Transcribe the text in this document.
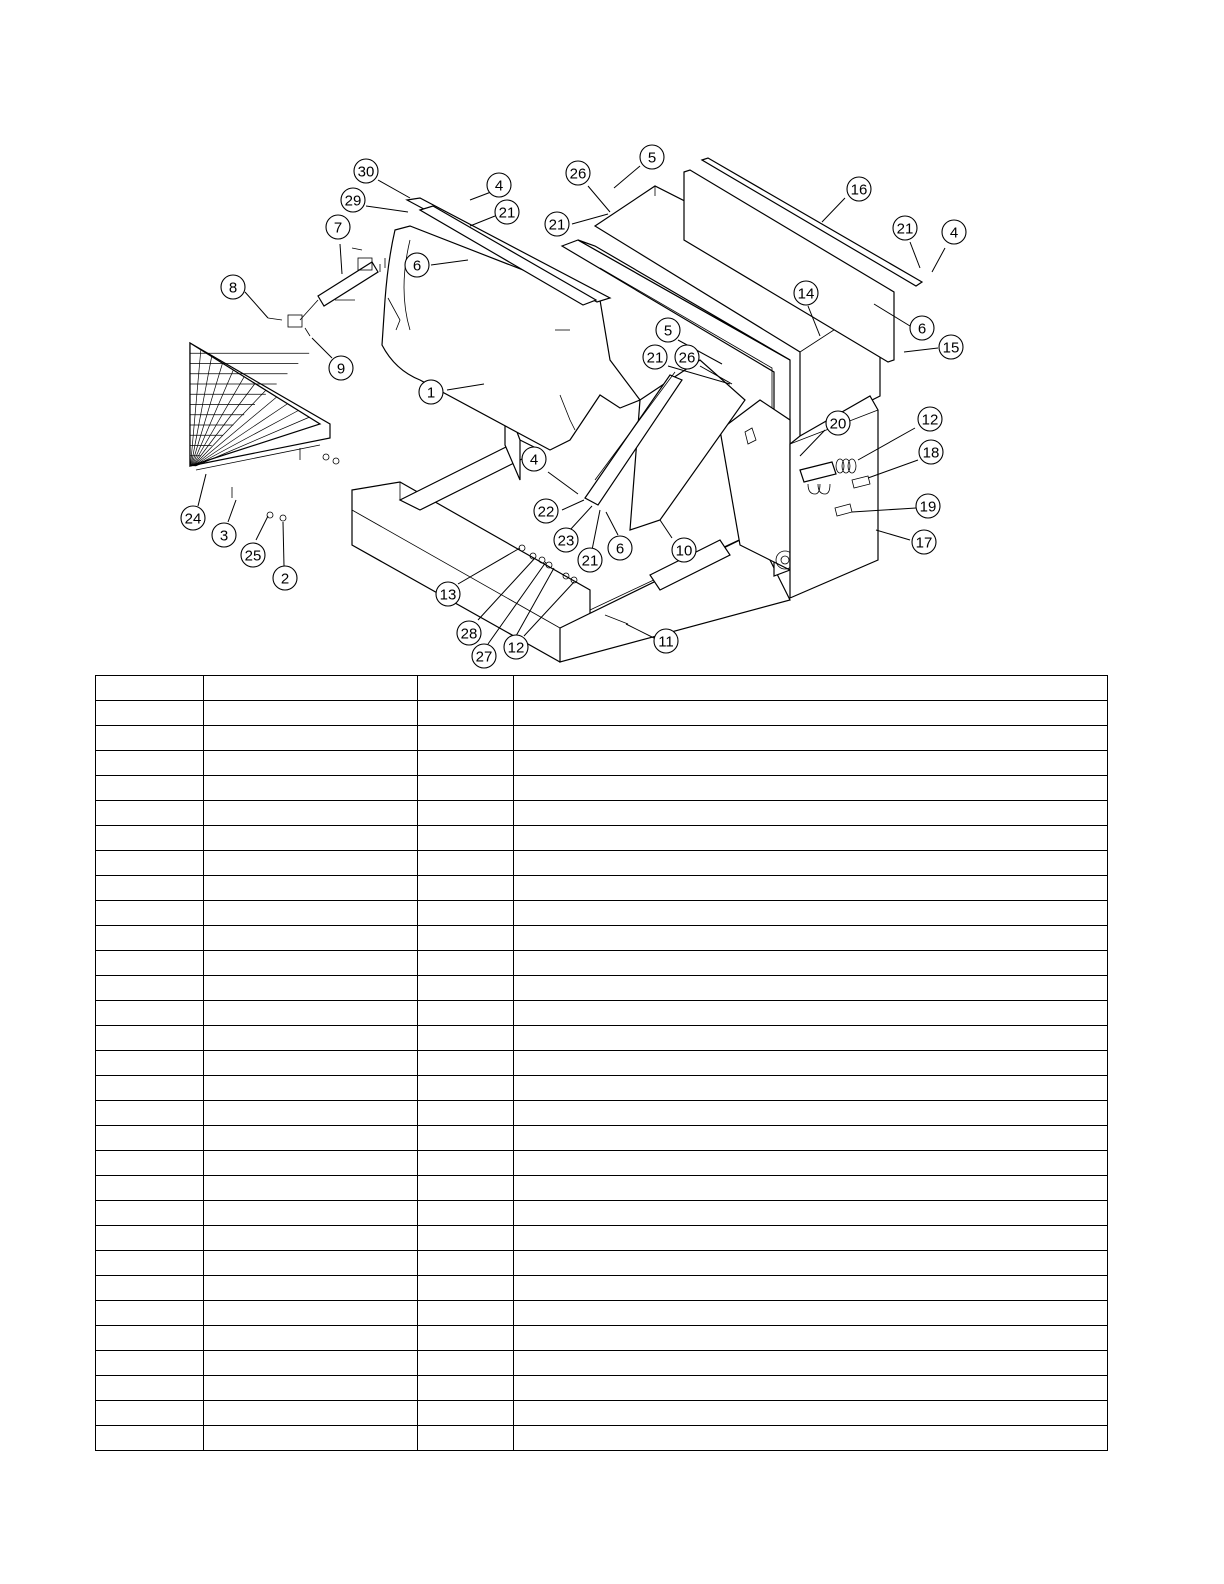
30
29
4
21
7
8
9
6
26
5
21
16
21 4
14
6
15
5
21 26
1
20	12
18
4
19
17
22
23
21
6	10
24
3
25
2
13
28
27
12	11
